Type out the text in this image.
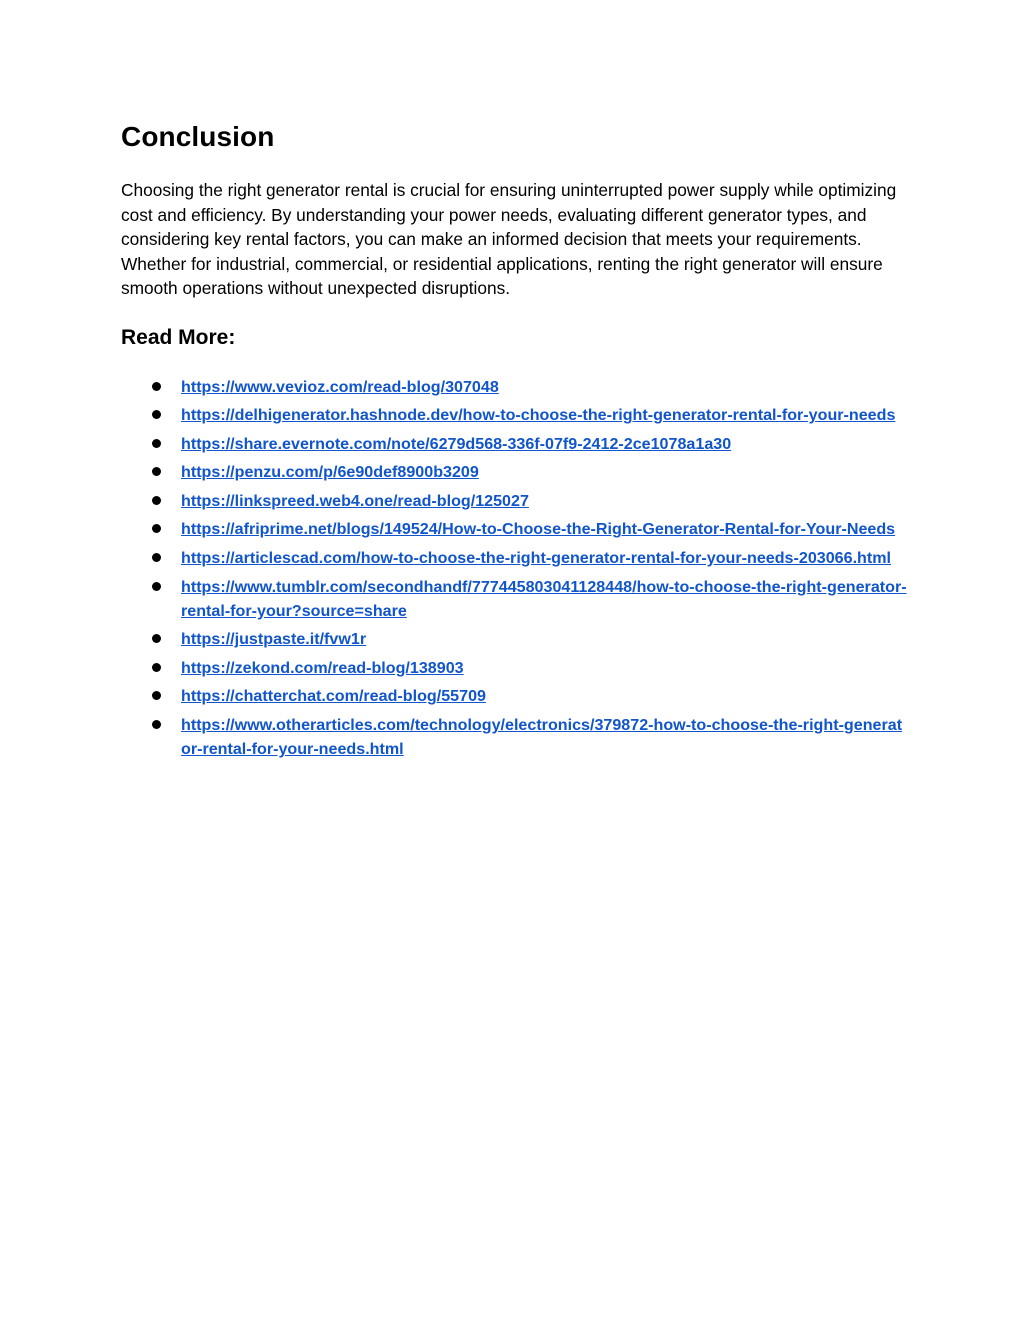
Conclusion

Choosing the right generator rental is crucial for ensuring uninterrupted power supply while optimizing cost and efficiency. By understanding your power needs, evaluating different generator types, and considering key rental factors, you can make an informed decision that meets your requirements. Whether for industrial, commercial, or residential applications, renting the right generator will ensure smooth operations without unexpected disruptions.

Read More:
https://www.vevioz.com/read-blog/307048
https://delhigenerator.hashnode.dev/how-to-choose-the-right-generator-rental-for-your-needs
https://share.evernote.com/note/6279d568-336f-07f9-2412-2ce1078a1a30
https://penzu.com/p/6e90def8900b3209
https://linkspreed.web4.one/read-blog/125027
https://afriprime.net/blogs/149524/How-to-Choose-the-Right-Generator-Rental-for-Your-Needs
https://articlescad.com/how-to-choose-the-right-generator-rental-for-your-needs-203066.html
https://www.tumblr.com/secondhandf/777445803041128448/how-to-choose-the-right-generator-rental-for-your?source=share
https://justpaste.it/fvw1r
https://zekond.com/read-blog/138903
https://chatterchat.com/read-blog/55709
https://www.otherarticles.com/technology/electronics/379872-how-to-choose-the-right-generator-rental-for-your-needs.html
